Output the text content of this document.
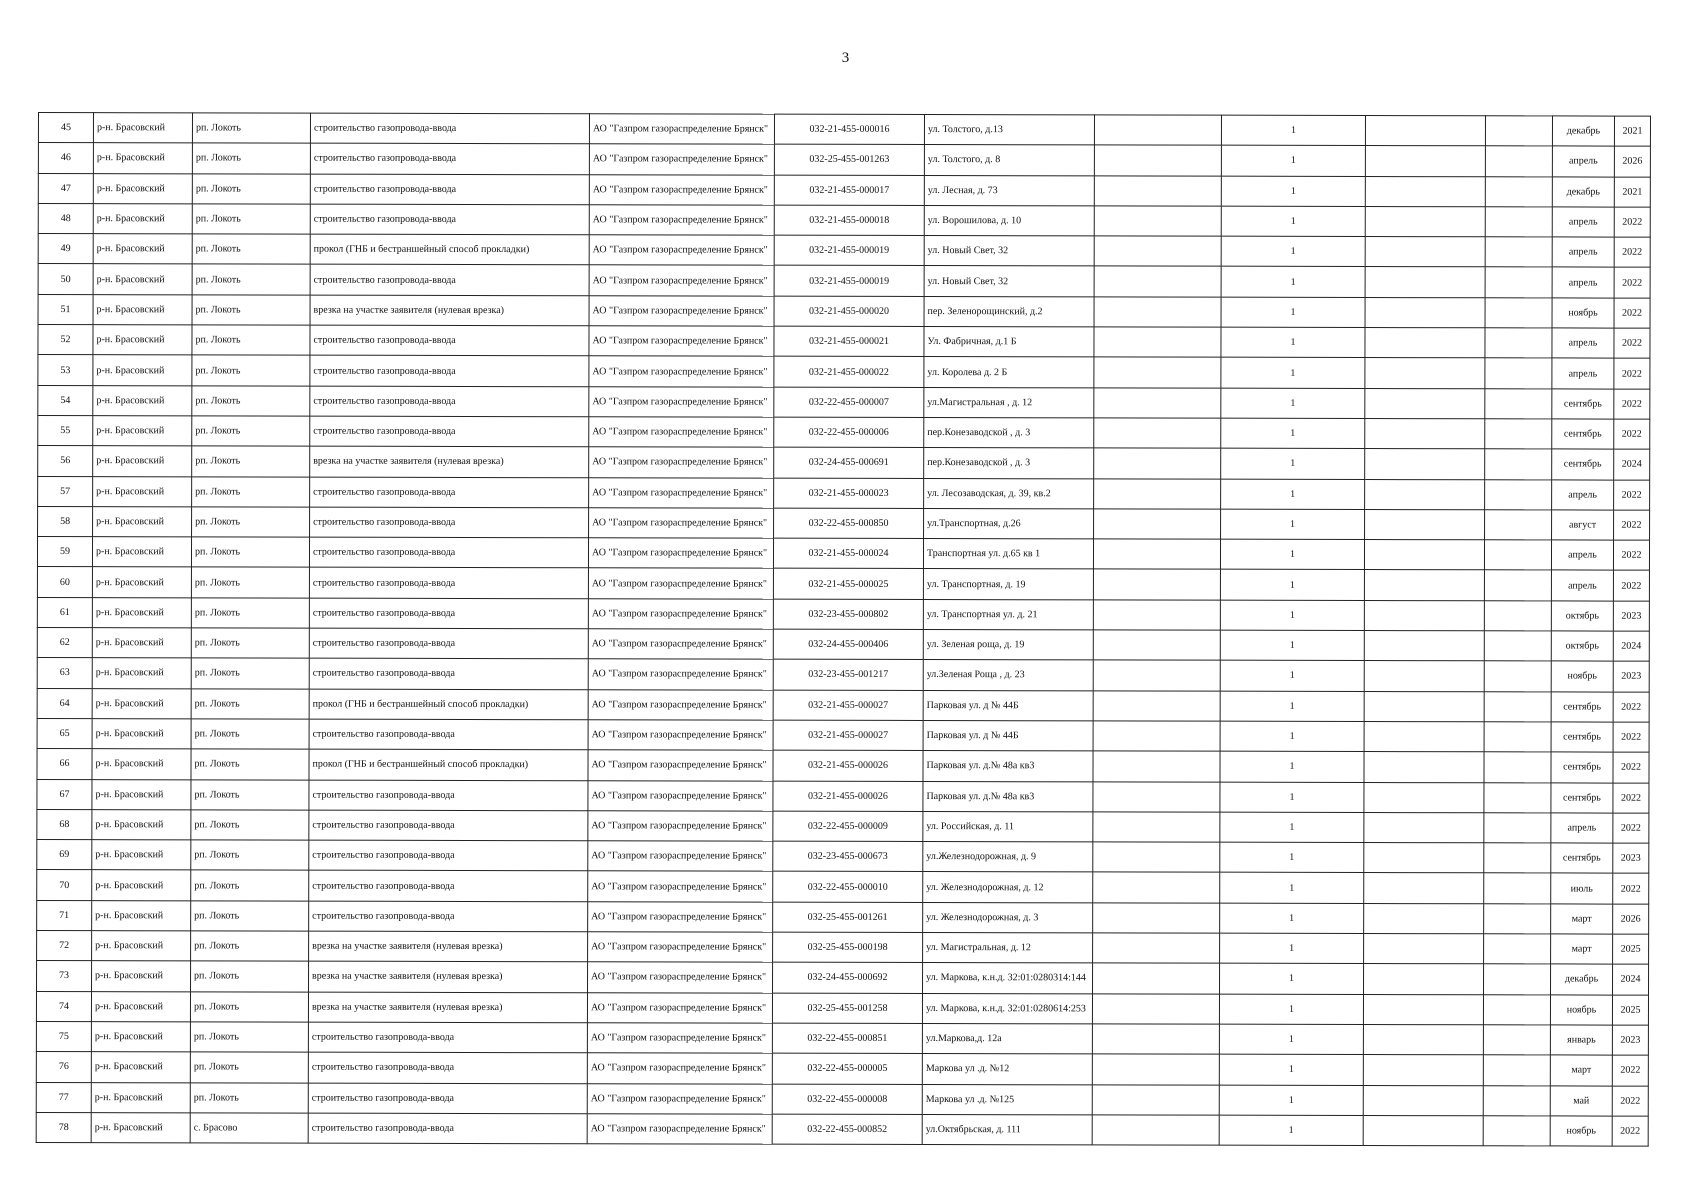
3
45	р-н. Брасовский	рп. Локоть	строительство газопровода-ввода	АО "Газпром газораспределение Брянск"	032-21-455-000016	ул. Толстого, д.13		1			декабрь	2021
46	р-н. Брасовский	рп. Локоть	строительство газопровода-ввода	АО "Газпром газораспределение Брянск"	032-25-455-001263	ул. Толстого, д. 8		1			апрель	2026
47	р-н. Брасовский	рп. Локоть	строительство газопровода-ввода	АО "Газпром газораспределение Брянск"	032-21-455-000017	ул. Лесная, д. 73		1			декабрь	2021
48	р-н. Брасовский	рп. Локоть	строительство газопровода-ввода	АО "Газпром газораспределение Брянск"	032-21-455-000018	ул. Ворошилова, д. 10		1			апрель	2022
49	р-н. Брасовский	рп. Локоть	прокол (ГНБ и бестраншейный способ прокладки)	АО "Газпром газораспределение Брянск"	032-21-455-000019	ул. Новый Свет, 32		1			апрель	2022
50	р-н. Брасовский	рп. Локоть	строительство газопровода-ввода	АО "Газпром газораспределение Брянск"	032-21-455-000019	ул. Новый Свет, 32		1			апрель	2022
51	р-н. Брасовский	рп. Локоть	врезка на участке заявителя (нулевая врезка)	АО "Газпром газораспределение Брянск"	032-21-455-000020	пер. Зеленорощинский, д.2		1			ноябрь	2022
52	р-н. Брасовский	рп. Локоть	строительство газопровода-ввода	АО "Газпром газораспределение Брянск"	032-21-455-000021	Ул. Фабричная, д.1 Б		1			апрель	2022
53	р-н. Брасовский	рп. Локоть	строительство газопровода-ввода	АО "Газпром газораспределение Брянск"	032-21-455-000022	ул. Королева д. 2 Б		1			апрель	2022
54	р-н. Брасовский	рп. Локоть	строительство газопровода-ввода	АО "Газпром газораспределение Брянск"	032-22-455-000007	ул.Магистральная , д. 12		1			сентябрь	2022
55	р-н. Брасовский	рп. Локоть	строительство газопровода-ввода	АО "Газпром газораспределение Брянск"	032-22-455-000006	пер.Конезаводской , д. 3		1			сентябрь	2022
56	р-н. Брасовский	рп. Локоть	врезка на участке заявителя (нулевая врезка)	АО "Газпром газораспределение Брянск"	032-24-455-000691	пер.Конезаводской , д. 3		1			сентябрь	2024
57	р-н. Брасовский	рп. Локоть	строительство газопровода-ввода	АО "Газпром газораспределение Брянск"	032-21-455-000023	ул. Лесозаводская, д. 39, кв.2		1			апрель	2022
58	р-н. Брасовский	рп. Локоть	строительство газопровода-ввода	АО "Газпром газораспределение Брянск"	032-22-455-000850	ул.Транспортная, д.26		1			август	2022
59	р-н. Брасовский	рп. Локоть	строительство газопровода-ввода	АО "Газпром газораспределение Брянск"	032-21-455-000024	Транспортная ул. д.65 кв 1		1			апрель	2022
60	р-н. Брасовский	рп. Локоть	строительство газопровода-ввода	АО "Газпром газораспределение Брянск"	032-21-455-000025	ул. Транспортная, д. 19		1			апрель	2022
61	р-н. Брасовский	рп. Локоть	строительство газопровода-ввода	АО "Газпром газораспределение Брянск"	032-23-455-000802	ул. Транспортная ул. д. 21		1			октябрь	2023
62	р-н. Брасовский	рп. Локоть	строительство газопровода-ввода	АО "Газпром газораспределение Брянск"	032-24-455-000406	ул. Зеленая роща, д. 19		1			октябрь	2024
63	р-н. Брасовский	рп. Локоть	строительство газопровода-ввода	АО "Газпром газораспределение Брянск"	032-23-455-001217	ул.Зеленая Роща , д. 23		1			ноябрь	2023
64	р-н. Брасовский	рп. Локоть	прокол (ГНБ и бестраншейный способ прокладки)	АО "Газпром газораспределение Брянск"	032-21-455-000027	Парковая ул. д № 44Б		1			сентябрь	2022
65	р-н. Брасовский	рп. Локоть	строительство газопровода-ввода	АО "Газпром газораспределение Брянск"	032-21-455-000027	Парковая ул. д № 44Б		1			сентябрь	2022
66	р-н. Брасовский	рп. Локоть	прокол (ГНБ и бестраншейный способ прокладки)	АО "Газпром газораспределение Брянск"	032-21-455-000026	Парковая ул. д.№ 48а кв3		1			сентябрь	2022
67	р-н. Брасовский	рп. Локоть	строительство газопровода-ввода	АО "Газпром газораспределение Брянск"	032-21-455-000026	Парковая ул. д.№ 48а кв3		1			сентябрь	2022
68	р-н. Брасовский	рп. Локоть	строительство газопровода-ввода	АО "Газпром газораспределение Брянск"	032-22-455-000009	ул. Российская, д. 11		1			апрель	2022
69	р-н. Брасовский	рп. Локоть	строительство газопровода-ввода	АО "Газпром газораспределение Брянск"	032-23-455-000673	ул.Железнодорожная, д. 9		1			сентябрь	2023
70	р-н. Брасовский	рп. Локоть	строительство газопровода-ввода	АО "Газпром газораспределение Брянск"	032-22-455-000010	ул. Железнодорожная, д. 12		1			июль	2022
71	р-н. Брасовский	рп. Локоть	строительство газопровода-ввода	АО "Газпром газораспределение Брянск"	032-25-455-001261	ул. Железнодорожная, д. 3		1			март	2026
72	р-н. Брасовский	рп. Локоть	врезка на участке заявителя (нулевая врезка)	АО "Газпром газораспределение Брянск"	032-25-455-000198	ул. Магистральная, д. 12		1			март	2025
73	р-н. Брасовский	рп. Локоть	врезка на участке заявителя (нулевая врезка)	АО "Газпром газораспределение Брянск"	032-24-455-000692	ул. Маркова, к.н.д. 32:01:0280314:144		1			декабрь	2024
74	р-н. Брасовский	рп. Локоть	врезка на участке заявителя (нулевая врезка)	АО "Газпром газораспределение Брянск"	032-25-455-001258	ул. Маркова, к.н.д. 32:01:0280614:253		1			ноябрь	2025
75	р-н. Брасовский	рп. Локоть	строительство газопровода-ввода	АО "Газпром газораспределение Брянск"	032-22-455-000851	ул.Маркова,д. 12а		1			январь	2023
76	р-н. Брасовский	рп. Локоть	строительство газопровода-ввода	АО "Газпром газораспределение Брянск"	032-22-455-000005	Маркова ул .д. №12		1			март	2022
77	р-н. Брасовский	рп. Локоть	строительство газопровода-ввода	АО "Газпром газораспределение Брянск"	032-22-455-000008	Маркова ул .д. №125		1			май	2022
78	р-н. Брасовский	с. Брасово	строительство газопровода-ввода	АО "Газпром газораспределение Брянск"	032-22-455-000852	ул.Октябрьская, д. 111		1			ноябрь	2022
